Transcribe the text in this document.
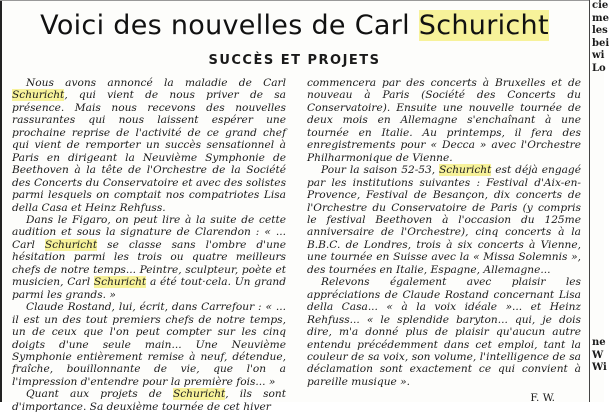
Voici des nouvelles de Carl Schuricht
SUCCÈS ET PROJETS

Nous avons annoncé la maladie de Carl Schuricht, qui vient de nous priver de sa présence. Mais nous recevons des nouvelles rassurantes qui nous laissent espérer une prochaine reprise de l'activité de ce grand chef qui vient de remporter un succès sensationnel à Paris en dirigeant la Neuvième Symphonie de Beethoven à la tête de l'Orchestre de la Société des Concerts du Conservatoire et avec des solistes parmi lesquels on comptait nos compatriotes Lisa della Casa et Heinz Rehfuss.

Dans le Figaro, on peut lire à la suite de cette audition et sous la signature de Clarendon : « ... Carl Schuricht se classe sans l'ombre d'une hésitation parmi les trois ou quatre meilleurs chefs de notre temps... Peintre, sculpteur, poète et musicien, Carl Schuricht a été tout·cela. Un grand parmi les grands. »

Claude Rostand, lui, écrit, dans Carrefour : « ... il est un des tout premiers chefs de notre temps, un de ceux que l'on peut compter sur les cinq doigts d'une seule main... Une Neuvième Symphonie entièrement remise à neuf, détendue, fraîche, bouillonnante de vie, que l'on a l'impression d'entendre pour la première fois... »

Quant aux projets de Schuricht, ils sont d'importance. Sa deuxième tournée de cet hiver

commencera par des concerts à Bruxelles et de nouveau à Paris (Société des Concerts du Conservatoire). Ensuite une nouvelle tournée de deux mois en Allemagne s'enchaînant à une tournée en Italie. Au printemps, il fera des enregistrements pour « Decca » avec l'Orchestre Philharmonique de Vienne.

Pour la saison 52-53, Schuricht est déjà engagé par les institutions suivantes : Festival d'Aix-en-Provence, Festival de Besançon, dix concerts de l'Orchestre du Conservatoire de Paris (y compris le festival Beethoven à l'occasion du 125me anniversaire de l'Orchestre), cinq concerts à la B.B.C. de Londres, trois à six concerts à Vienne, une tournée en Suisse avec la « Missa Solemnis », des tournées en Italie, Espagne, Allemagne...

Relevons également avec plaisir les appréciations de Claude Rostand concernant Lisa della Casa... « à la voix idéale »... et Heinz Rehfuss... « le splendide baryton... qui, je dois dire, m'a donné plus de plaisir qu'aucun autre entendu précédemment dans cet emploi, tant la couleur de sa voix, son volume, l'intelligence de sa déclamation sont exactement ce qui convient à pareille musique ».

F. W.
cie
me
les
bei
wi
Lo
ne
W
Wi
